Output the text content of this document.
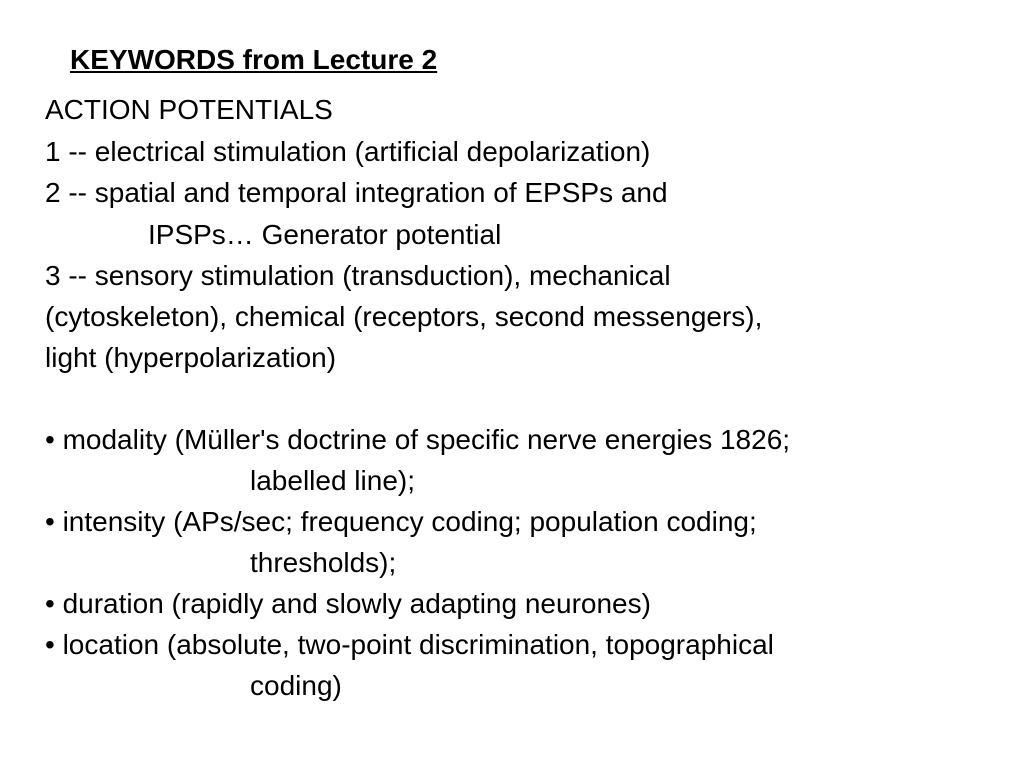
KEYWORDS from Lecture 2
ACTION POTENTIALS
1 -- electrical stimulation (artificial depolarization)
2 -- spatial and temporal integration of EPSPs and
IPSPs… Generator potential
3 -- sensory stimulation (transduction), mechanical
(cytoskeleton), chemical (receptors, second messengers),
light (hyperpolarization)
• modality (Müller's doctrine of specific nerve energies 1826;
labelled line);
• intensity (APs/sec; frequency coding; population coding;
thresholds);
• duration (rapidly and slowly adapting neurones)
• location (absolute, two-point discrimination, topographical
coding)
